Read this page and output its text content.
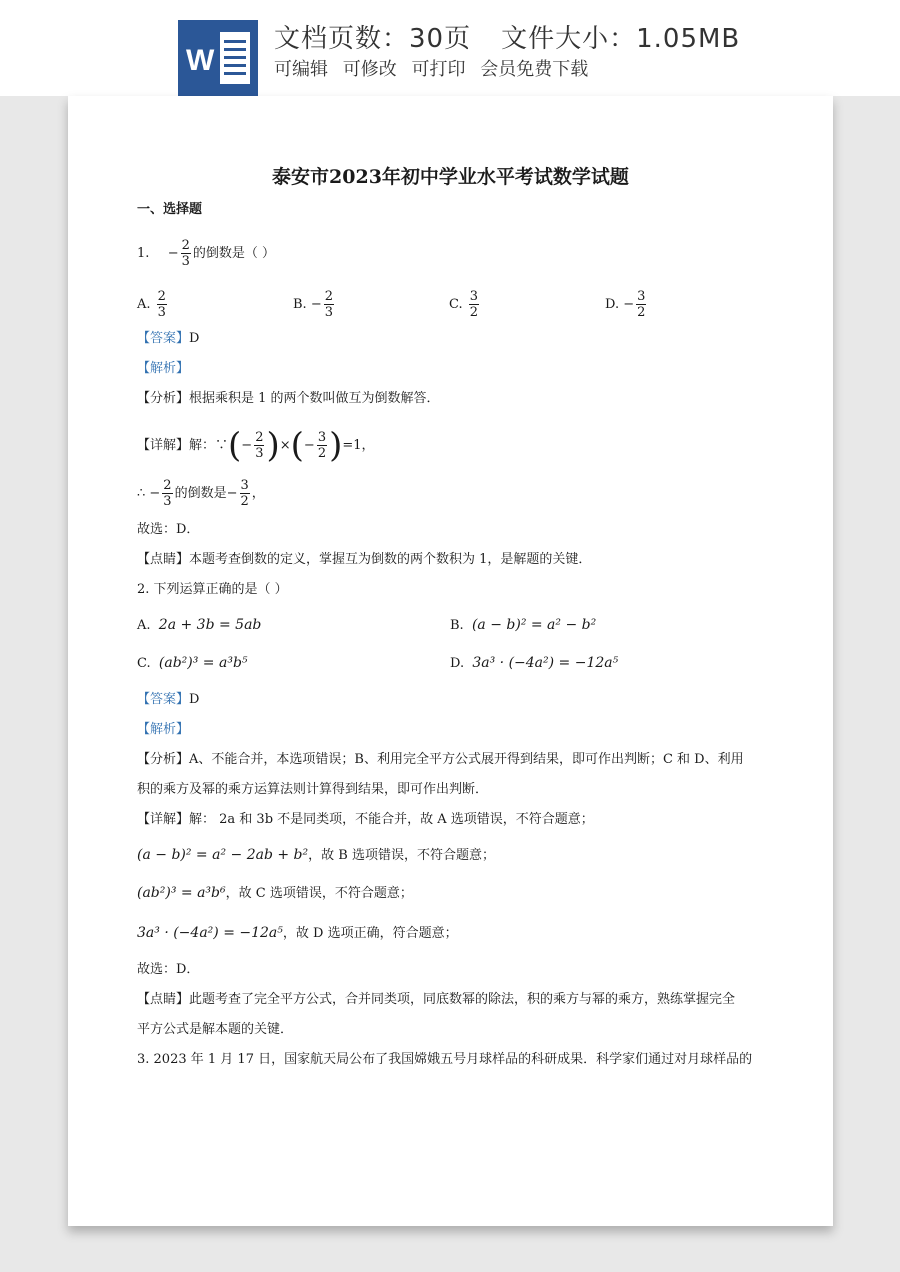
W
文档页数：30页 文件大小：1.05MB
可编辑 可修改 可打印 会员免费下载
泰安市2023年初中学业水平考试数学试题
一、选择题
1. − $\frac{2}{3}$ 的倒数是（ ）
A. $\frac{2}{3}$	B. − $\frac{2}{3}$	C. $\frac{3}{2}$	D. − $\frac{3}{2}$
【答案】D
【解析】
【分析】根据乘积是 1 的两个数叫做互为倒数解答．
【详解】解：∵(− $\frac{2}{3}$ )×(− $\frac{3}{2} )=1$，
∴ − $\frac{2}{3}$ 的倒数是− $\frac{3}{2}$ ，
故选：D．
【点睛】本题考查倒数的定义，掌握互为倒数的两个数积为 1，是解题的关键．
2. 下列运算正确的是（ ）
A. 2a + 3b = 5ab	B. (a − b)² = a² − b²
C. (ab²)³ = a³b⁵	D. 3a³ · (−4a²) = −12a⁵
【答案】D
【解析】
【分析】A、不能合并，本选项错误；B、利用完全平方公式展开得到结果，即可作出判断；C 和 D、利用
积的乘方及幂的乘方运算法则计算得到结果，即可作出判断．
【详解】解： 2a 和 3b 不是同类项，不能合并，故 A 选项错误，不符合题意；
(a − b)² = a² − 2ab + b²，故 B 选项错误，不符合题意；
(ab²)³ = a³b⁶，故 C 选项错误，不符合题意；
3a³ · (−4a²) = −12a⁵，故 D 选项正确，符合题意；
故选：D．
【点睛】此题考查了完全平方公式，合并同类项，同底数幂的除法，积的乘方与幂的乘方，熟练掌握完全
平方公式是解本题的关键．
3. 2023 年 1 月 17 日，国家航天局公布了我国嫦娥五号月球样品的科研成果．科学家们通过对月球样品的
